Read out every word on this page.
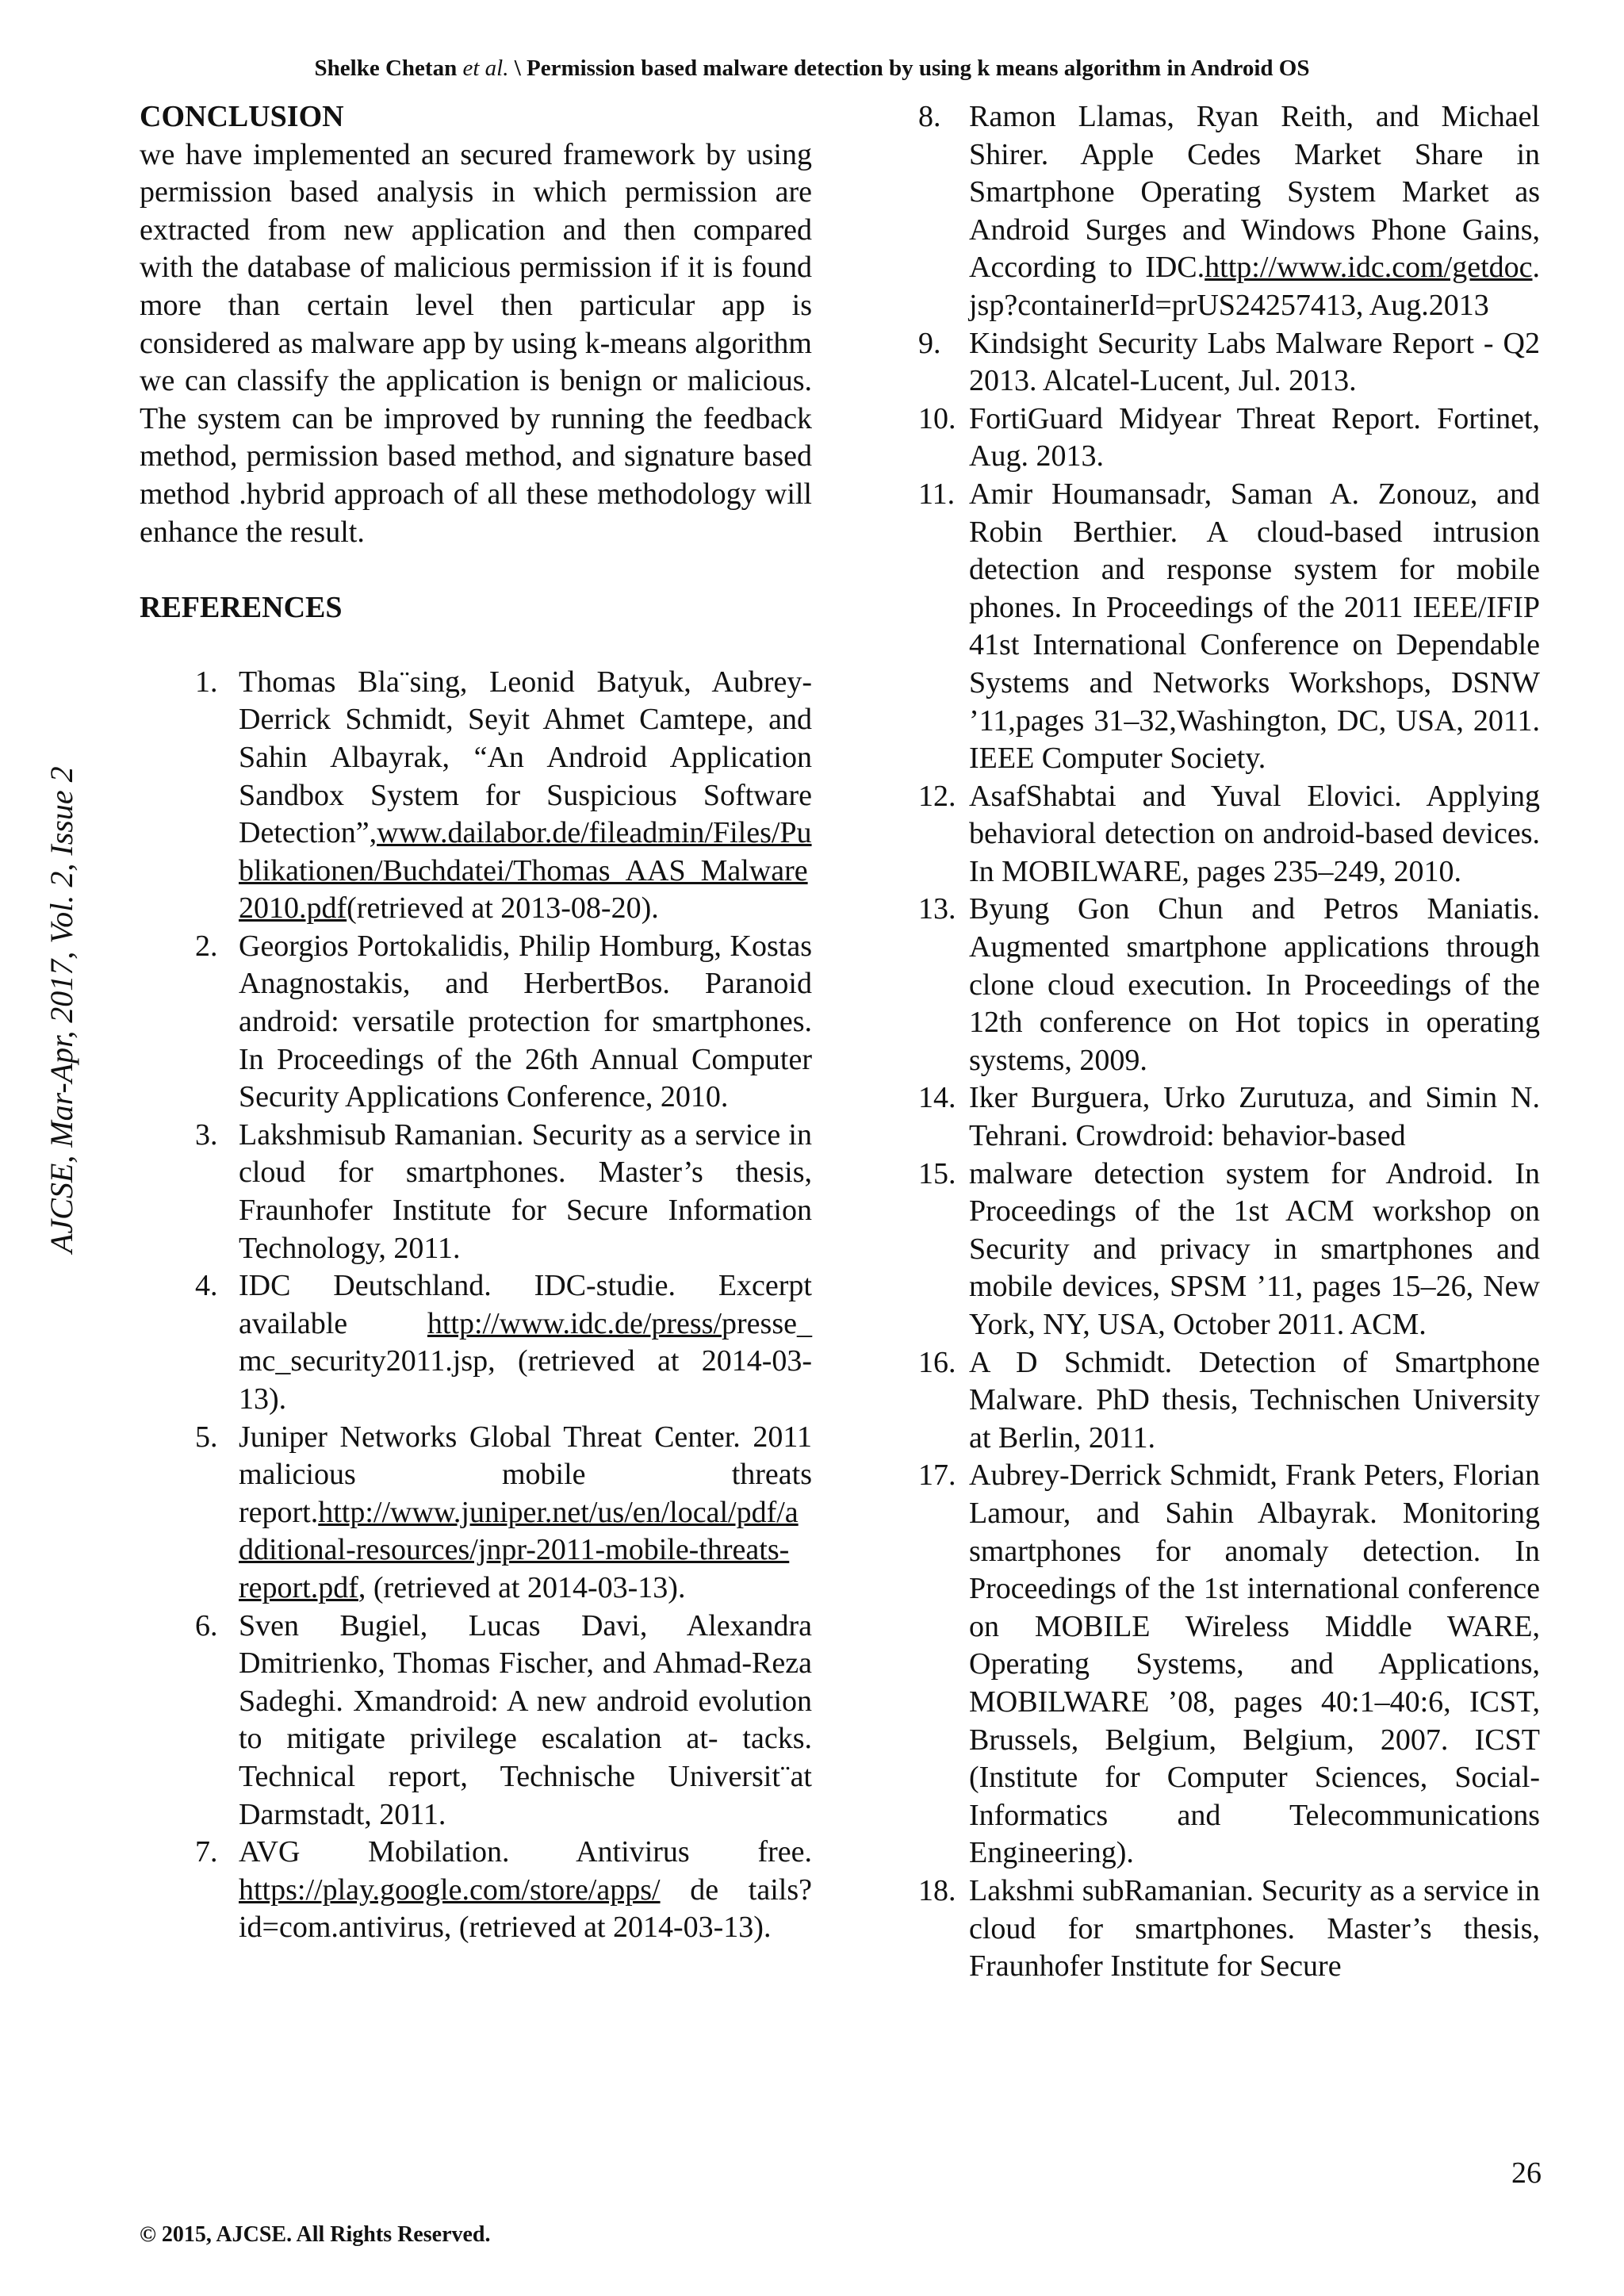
Shelke Chetan et al. \ Permission based malware detection by using k means algorithm in Android OS
AJCSE, Mar-Apr, 2017, Vol. 2, Issue 2
CONCLUSION

we have implemented an secured framework by using permission based analysis in which permission are extracted from new application and then compared with the database of malicious permission if it is found more than certain level then particular app is considered as malware app by using k-means algorithm we can classify the application is benign or malicious. The system can be improved by running the feedback method, permission based method, and signature based method .hybrid approach of all these methodology will enhance the result.

REFERENCES
1. Thomas Bla¨sing, Leonid Batyuk, Aubrey-Derrick Schmidt, Seyit Ahmet Camtepe, and Sahin Albayrak, “An Android Application Sandbox System for Suspicious Software Detection”,www.dailabor.de/fileadmin/Files/Publikationen/Buchdatei/Thomas_AAS_Malware2010.pdf(retrieved at 2013-08-20).
2. Georgios Portokalidis, Philip Homburg, Kostas Anagnostakis, and HerbertBos. Paranoid android: versatile protection for smartphones. In Proceedings of the 26th Annual Computer Security Applications Conference, 2010.
3. Lakshmisub Ramanian. Security as a service in cloud for smartphones. Master’s thesis, Fraunhofer Institute for Secure Information Technology, 2011.
4. IDC Deutschland. IDC-studie. Excerpt available http://www.idc.de/press/presse_ mc_security2011.jsp, (retrieved at 2014-03-13).
5. Juniper Networks Global Threat Center. 2011 malicious mobile threats report.http://www.juniper.net/us/en/local/pdf/additional-resources/jnpr-2011-mobile-threats-report.pdf, (retrieved at 2014-03-13).
6. Sven Bugiel, Lucas Davi, Alexandra Dmitrienko, Thomas Fischer, and Ahmad-Reza Sadeghi. Xmandroid: A new android evolution to mitigate privilege escalation at- tacks. Technical report, Technische Universit¨at Darmstadt, 2011.
7. AVG Mobilation. Antivirus free. https://play.google.com/store/apps/ de tails?id=com.antivirus, (retrieved at 2014-03-13).
8. Ramon Llamas, Ryan Reith, and Michael Shirer. Apple Cedes Market Share in Smartphone Operating System Market as Android Surges and Windows Phone Gains, According to IDC.http://www.idc.com/getdoc. jsp?containerId=prUS24257413, Aug.2013
9. Kindsight Security Labs Malware Report - Q2 2013. Alcatel-Lucent, Jul. 2013.
10. FortiGuard Midyear Threat Report. Fortinet, Aug. 2013.
11. Amir Houmansadr, Saman A. Zonouz, and Robin Berthier. A cloud-based intrusion detection and response system for mobile phones. In Proceedings of the 2011 IEEE/IFIP 41st International Conference on Dependable Systems and Networks Workshops, DSNW ’11,pages 31–32,Washington, DC, USA, 2011. IEEE Computer Society.
12. AsafShabtai and Yuval Elovici. Applying behavioral detection on android-based devices. In MOBILWARE, pages 235–249, 2010.
13. Byung Gon Chun and Petros Maniatis. Augmented smartphone applications through clone cloud execution. In Proceedings of the 12th conference on Hot topics in operating systems, 2009.
14. Iker Burguera, Urko Zurutuza, and Simin N. Tehrani. Crowdroid: behavior-based
15. malware detection system for Android. In Proceedings of the 1st ACM workshop on Security and privacy in smartphones and mobile devices, SPSM ’11, pages 15–26, New York, NY, USA, October 2011. ACM.
16. A D Schmidt. Detection of Smartphone Malware. PhD thesis, Technischen University at Berlin, 2011.
17. Aubrey-Derrick Schmidt, Frank Peters, Florian Lamour, and Sahin Albayrak. Monitoring smartphones for anomaly detection. In Proceedings of the 1st international conference on MOBILE Wireless Middle WARE, Operating Systems, and Applications, MOBILWARE ’08, pages 40:1–40:6, ICST, Brussels, Belgium, Belgium, 2007. ICST (Institute for Computer Sciences, Social-Informatics and Telecommunications Engineering).
18. Lakshmi subRamanian. Security as a service in cloud for smartphones. Master’s thesis, Fraunhofer Institute for Secure
26
© 2015, AJCSE. All Rights Reserved.
